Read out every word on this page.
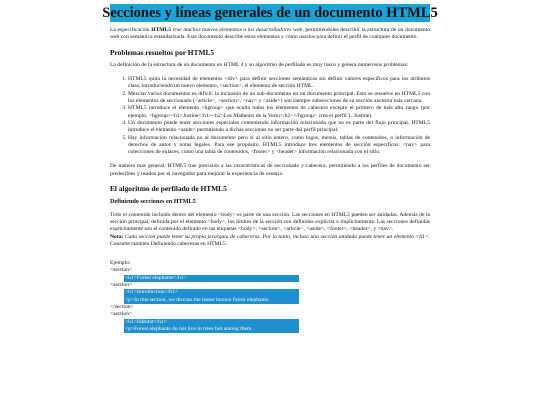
Secciones y líneas generales de un documento HTML5

La especificación HTML5 trae muchos nuevos elementos a los desarrolladores web, permitiéndoles describir la estructura de un documento web con semántica estandarizada. Este documento describe estos elementos y cómo usarlos para definir el perfil de cualquier documento.

Problemas resueltos por HTML5

La definición de la estructura de un documento en HTML 4 y su algoritmo de perfilado es muy tosco y genera numerosos problemas:

1. HTML5 quita la necesidad de elementos <div> para definir secciones semánticas sin definir valores específicos para los atributos class, introduciendo un nuevo elemento, <section>, el elemento de sección HTML.
2. Mezclar varios documentos es difícil: la inclusión de un sub-documento en un documento principal. Esto se resuelve en HTML5 con los elementos de seccionado (<article>, <section>, <nav> y <aside>) son siempre subsecciones de su sección ancestra más cercana.
3. HTML5 introduce el elemento <hgroup> que oculta todos los elementos de cabecera excepto el primero de más alto rango (por ejemplo, <hgroup><h1>Justine</h1><h2>Les Malheurs de la Vertu</h2></hgroup> crea el perfil 1. Justine).
4. Un documento puede tener secciones especiales conteniendo información relacionada que no es parte del flujo principal. HTML5 introduce el elemento <aside> permitiendo a dichas secciones no ser parte del perfil principal.
5. Hay información relacionada no al documento pero sí al sitio entero, como logos, menús, tablas de contenidos, o información de derechos de autor y notas legales. Para ese propósito, HTML5 introduce tres elementos de sección específicos: <nav> para colecciones de enlaces, como una tabla de contenidos, <footer> y <header> información relacionada con el sitio.

De manera más general, HTML5 trae precisión a las características de seccionado y cabecera, permitiendo a los perfiles de documento ser predecibles y usados por el navegador para mejorar la experiencia de usuario.

El algoritmo de perfilado de HTML5
Definiendo secciones en HTML5

Todo el contenido incluido dentro del elemento <body> es parte de una sección. Las secciones en HTML5 pueden ser anidadas. Además de la sección principal, definida por el elemento <body>, los límites de la sección son definidos explícita o implícitamente. Las secciones definidas explícitamente son el contenido definido en las etiquetas <body>, <section>, <article>, <aside>, <footer>, <header>, y <nav>.
Nota: Cada sección puede tener su propia jerarquía de cabeceras. Por lo tanto, incluso una sección anidada puede tener un elemento <h1>. Consulte también Definiendo cabeceras en HTML5.

Ejemplo:
<section>
<h1>Forest elephants</h1>
<section>
<h1>Introduction</h1>
<p>In this section, we discuss the lesser known forest elephants.
</section>
<section>
<h1>Habitat</h1>
<p>Forest elephants do not live in trees but among them.
